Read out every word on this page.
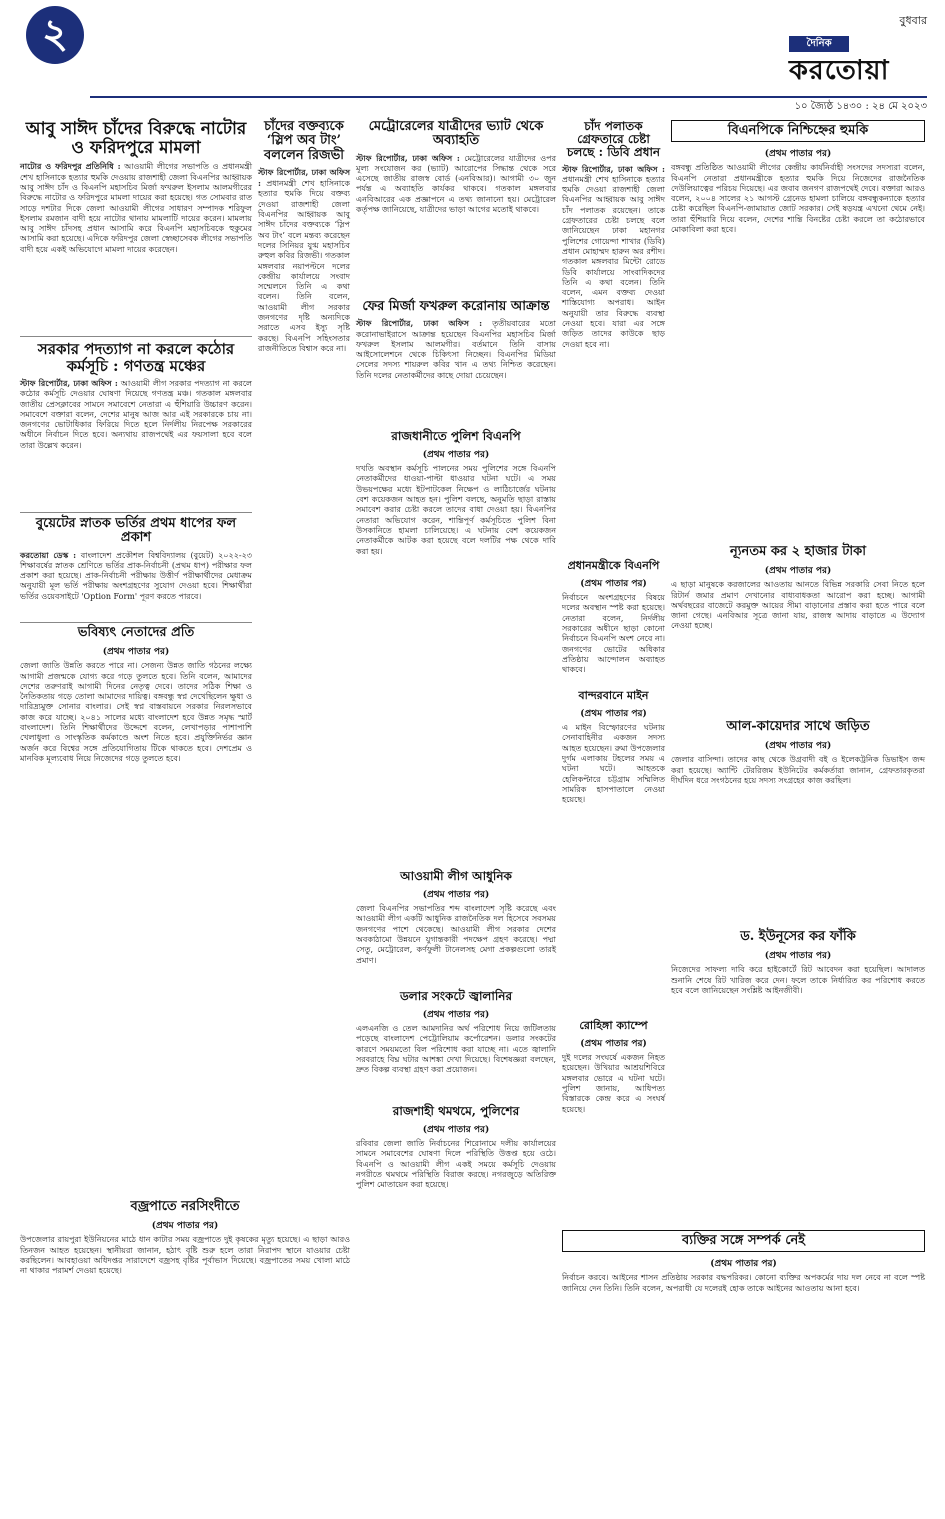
২	বুধবার
দৈনিক
করতোয়া
১০ জ্যৈষ্ঠ ১৪৩০ : ২৪ মে ২০২৩
আবু সাঈদ চাঁদের বিরুদ্ধে নাটোর ও ফরিদপুরে মামলা

নাটোর ও ফরিদপুর প্রতিনিধি : আওয়ামী লীগের সভাপতি ও প্রধানমন্ত্রী শেখ হাসিনাকে হত্যার হুমকি দেওয়ায় রাজশাহী জেলা বিএনপির আহ্বায়ক আবু সাঈদ চাঁদ ও বিএনপি মহাসচিব মির্জা ফখরুল ইসলাম আলমগীরের বিরুদ্ধে নাটোর ও ফরিদপুরে মামলা দায়ের করা হয়েছে। গত সোমবার রাত সাড়ে দশটার দিকে জেলা আওয়ামী লীগের সাধারণ সম্পাদক শরিফুল ইসলাম রমজান বাদী হয়ে নাটোর থানায় মামলাটি দায়ের করেন। মামলায় আবু সাঈদ চাঁদসহ প্রধান আসামি করে বিএনপি মহাসচিবকে হুকুমের আসামি করা হয়েছে। এদিকে ফরিদপুর জেলা স্বেচ্ছাসেবক লীগের সভাপতি বাদী হয়ে একই অভিযোগে মামলা দায়ের করেছেন।

সরকার পদত্যাগ না করলে কঠোর কর্মসূচি : গণতন্ত্র মঞ্চের

স্টাফ রিপোর্টার, ঢাকা অফিস : আওয়ামী লীগ সরকার পদত্যাগ না করলে কঠোর কর্মসূচি দেওয়ার ঘোষণা দিয়েছে গণতন্ত্র মঞ্চ। গতকাল মঙ্গলবার জাতীয় প্রেসক্লাবের সামনে সমাবেশে নেতারা এ হুঁশিয়ারি উচ্চারণ করেন। সমাবেশে বক্তারা বলেন, দেশের মানুষ আজ আর এই সরকারকে চায় না। জনগণের ভোটাধিকার ফিরিয়ে দিতে হলে নির্দলীয় নিরপেক্ষ সরকারের অধীনে নির্বাচন দিতে হবে। অন্যথায় রাজপথেই এর ফয়সালা হবে বলে তারা উল্লেখ করেন।

বুয়েটের স্নাতক ভর্তির প্রথম ধাপের ফল প্রকাশ

করতোয়া ডেস্ক : বাংলাদেশ প্রকৌশল বিশ্ববিদ্যালয় (বুয়েট) ২০২২-২৩ শিক্ষাবর্ষের স্নাতক শ্রেণিতে ভর্তির প্রাক-নির্বাচনী (প্রথম ধাপ) পরীক্ষার ফল প্রকাশ করা হয়েছে। প্রাক-নির্বাচনী পরীক্ষায় উত্তীর্ণ পরীক্ষার্থীদের মেধাক্রম অনুযায়ী মূল ভর্তি পরীক্ষায় অংশগ্রহণের সুযোগ দেওয়া হবে। শিক্ষার্থীরা ভর্তির ওয়েবসাইটে 'Option Form' পূরণ করতে পারবে।

ভবিষ্যৎ নেতাদের প্রতি
(প্রথম পাতার পর)

জেলা জাতি উন্নতি করতে পারে না। সেজন্য উন্নত জাতি গঠনের লক্ষ্যে আগামী প্রজন্মকে যোগ্য করে গড়ে তুলতে হবে। তিনি বলেন, আমাদের দেশের তরুণরাই আগামী দিনের নেতৃত্ব দেবে। তাদের সঠিক শিক্ষা ও নৈতিকতায় গড়ে তোলা আমাদের দায়িত্ব। বঙ্গবন্ধু স্বপ্ন দেখেছিলেন ক্ষুধা ও দারিদ্র্যমুক্ত সোনার বাংলার। সেই স্বপ্ন বাস্তবায়নে সরকার নিরলসভাবে কাজ করে যাচ্ছে। ২০৪১ সালের মধ্যে বাংলাদেশ হবে উন্নত সমৃদ্ধ স্মার্ট বাংলাদেশ। তিনি শিক্ষার্থীদের উদ্দেশে বলেন, লেখাপড়ার পাশাপাশি খেলাধুলা ও সাংস্কৃতিক কর্মকাণ্ডে অংশ নিতে হবে। প্রযুক্তিনির্ভর জ্ঞান অর্জন করে বিশ্বের সঙ্গে প্রতিযোগিতায় টিকে থাকতে হবে। দেশপ্রেম ও মানবিক মূল্যবোধ নিয়ে নিজেদের গড়ে তুলতে হবে।

চাঁদের বক্তব্যকে ‘স্লিপ অব টাং’ বললেন রিজভী

স্টাফ রিপোর্টার, ঢাকা অফিস : প্রধানমন্ত্রী শেখ হাসিনাকে হত্যার হুমকি দিয়ে বক্তব্য দেওয়া রাজশাহী জেলা বিএনপির আহ্বায়ক আবু সাঈদ চাঁদের বক্তব্যকে ‘স্লিপ অব টাং’ বলে মন্তব্য করেছেন দলের সিনিয়র যুগ্ম মহাসচিব রুহুল কবির রিজভী। গতকাল মঙ্গলবার নয়াপল্টনে দলের কেন্দ্রীয় কার্যালয়ে সংবাদ সম্মেলনে তিনি এ কথা বলেন। তিনি বলেন, আওয়ামী লীগ সরকার জনগণের দৃষ্টি অন্যদিকে সরাতে এসব ইস্যু সৃষ্টি করছে। বিএনপি সহিংসতার রাজনীতিতে বিশ্বাস করে না।

মেট্রোরেলের যাত্রীদের ভ্যাট থেকে অব্যাহতি

স্টাফ রিপোর্টার, ঢাকা অফিস : মেট্রোরেলের যাত্রীদের ওপর মূল্য সংযোজন কর (ভ্যাট) আরোপের সিদ্ধান্ত থেকে সরে এসেছে জাতীয় রাজস্ব বোর্ড (এনবিআর)। আগামী ৩০ জুন পর্যন্ত এ অব্যাহতি কার্যকর থাকবে। গতকাল মঙ্গলবার এনবিআরের এক প্রজ্ঞাপনে এ তথ্য জানানো হয়। মেট্রোরেল কর্তৃপক্ষ জানিয়েছে, যাত্রীদের ভাড়া আগের মতোই থাকবে।

ফের মির্জা ফখরুল করোনায় আক্রান্ত

স্টাফ রিপোর্টার, ঢাকা অফিস : তৃতীয়বারের মতো করোনাভাইরাসে আক্রান্ত হয়েছেন বিএনপির মহাসচিব মির্জা ফখরুল ইসলাম আলমগীর। বর্তমানে তিনি বাসায় আইসোলেশনে থেকে চিকিৎসা নিচ্ছেন। বিএনপির মিডিয়া সেলের সদস্য শায়রুল কবির খান এ তথ্য নিশ্চিত করেছেন। তিনি দলের নেতাকর্মীদের কাছে দোয়া চেয়েছেন।

রাজধানীতে পুলিশ বিএনপি
(প্রথম পাতার পর)

দখতি অবস্থান কর্মসূচি পালনের সময় পুলিশের সঙ্গে বিএনপি নেতাকর্মীদের ধাওয়া-পাল্টা ধাওয়ার ঘটনা ঘটে। এ সময় উভয়পক্ষের মধ্যে ইটপাটকেল নিক্ষেপ ও লাঠিচার্জের ঘটনায় বেশ কয়েকজন আহত হন। পুলিশ বলছে, অনুমতি ছাড়া রাস্তায় সমাবেশ করার চেষ্টা করলে তাদের বাধা দেওয়া হয়। বিএনপির নেতারা অভিযোগ করেন, শান্তিপূর্ণ কর্মসূচিতে পুলিশ বিনা উসকানিতে হামলা চালিয়েছে। এ ঘটনায় বেশ কয়েকজন নেতাকর্মীকে আটক করা হয়েছে বলে দলটির পক্ষ থেকে দাবি করা হয়।

আওয়ামী লীগ আধুনিক
(প্রথম পাতার পর)

জেলা বিএনপির সভাপতির শব্দ বাংলাদেশ সৃষ্টি করেছে এবং আওয়ামী লীগ একটি আধুনিক রাজনৈতিক দল হিসেবে সবসময় জনগণের পাশে থেকেছে। আওয়ামী লীগ সরকার দেশের অবকাঠামো উন্নয়নে যুগান্তকারী পদক্ষেপ গ্রহণ করেছে। পদ্মা সেতু, মেট্রোরেল, কর্ণফুলী টানেলসহ মেগা প্রকল্পগুলো তারই প্রমাণ।

ডলার সংকটে জ্বালানির
(প্রথম পাতার পর)

এলএনজি ও তেল আমদানির অর্থ পরিশোধ নিয়ে জটিলতায় পড়েছে বাংলাদেশ পেট্রোলিয়াম কর্পোরেশন। ডলার সংকটের কারণে সময়মতো বিল পরিশোধ করা যাচ্ছে না। এতে জ্বালানি সরবরাহে বিঘ্ন ঘটার আশঙ্কা দেখা দিয়েছে। বিশেষজ্ঞরা বলছেন, দ্রুত বিকল্প ব্যবস্থা গ্রহণ করা প্রয়োজন।

রাজশাহী থমথমে, পুলিশের
(প্রথম পাতার পর)

রবিবার জেলা জাতি নির্বাচনের শিরোনামে দলীয় কার্যালয়ের সামনে সমাবেশের ঘোষণা দিলে পরিস্থিতি উত্তপ্ত হয়ে ওঠে। বিএনপি ও আওয়ামী লীগ একই সময়ে কর্মসূচি দেওয়ায় নগরীতে থমথমে পরিস্থিতি বিরাজ করছে। নগরজুড়ে অতিরিক্ত পুলিশ মোতায়েন করা হয়েছে।

চাঁদ পলাতক গ্রেফতারে চেষ্টা চলছে : ডিবি প্রধান

স্টাফ রিপোর্টার, ঢাকা অফিস : প্রধানমন্ত্রী শেখ হাসিনাকে হত্যার হুমকি দেওয়া রাজশাহী জেলা বিএনপির আহ্বায়ক আবু সাঈদ চাঁদ পলাতক রয়েছেন। তাকে গ্রেফতারের চেষ্টা চলছে বলে জানিয়েছেন ঢাকা মহানগর পুলিশের গোয়েন্দা শাখার (ডিবি) প্রধান মোহাম্মদ হারুন অর রশীদ। গতকাল মঙ্গলবার মিন্টো রোডে ডিবি কার্যালয়ে সাংবাদিকদের তিনি এ কথা বলেন। তিনি বলেন, এমন বক্তব্য দেওয়া শাস্তিযোগ্য অপরাধ। আইন অনুযায়ী তার বিরুদ্ধে ব্যবস্থা নেওয়া হবে। যারা এর সঙ্গে জড়িত তাদের কাউকে ছাড় দেওয়া হবে না।

প্রধানমন্ত্রীকে বিএনপি
(প্রথম পাতার পর)

নির্বাচনে অংশগ্রহণের বিষয়ে দলের অবস্থান স্পষ্ট করা হয়েছে। নেতারা বলেন, নির্দলীয় সরকারের অধীনে ছাড়া কোনো নির্বাচনে বিএনপি অংশ নেবে না। জনগণের ভোটের অধিকার প্রতিষ্ঠায় আন্দোলন অব্যাহত থাকবে।

বান্দরবানে মাইন
(প্রথম পাতার পর)

এ মাইন বিস্ফোরণের ঘটনায় সেনাবাহিনীর একজন সদস্য আহত হয়েছেন। রুমা উপজেলার দুর্গম এলাকায় টহলের সময় এ ঘটনা ঘটে। আহতকে হেলিকপ্টারে চট্টগ্রাম সম্মিলিত সামরিক হাসপাতালে নেওয়া হয়েছে।

রোহিঙ্গা ক্যাম্পে
(প্রথম পাতার পর)

দুই দলের সংঘর্ষে একজন নিহত হয়েছেন। উখিয়ার আশ্রয়শিবিরে মঙ্গলবার ভোরে এ ঘটনা ঘটে। পুলিশ জানায়, আধিপত্য বিস্তারকে কেন্দ্র করে এ সংঘর্ষ হয়েছে।

বিএনপিকে নিশ্চিহ্নের হুমকি
(প্রথম পাতার পর)

বঙ্গবন্ধু প্রতিষ্ঠিত আওয়ামী লীগের কেন্দ্রীয় কার্যনির্বাহী সংসদের সদস্যরা বলেন, বিএনপি নেতারা প্রধানমন্ত্রীকে হত্যার হুমকি দিয়ে নিজেদের রাজনৈতিক দেউলিয়াত্বের পরিচয় দিয়েছে। এর জবাব জনগণ রাজপথেই দেবে। বক্তারা আরও বলেন, ২০০৪ সালের ২১ আগস্ট গ্রেনেড হামলা চালিয়ে বঙ্গবন্ধুকন্যাকে হত্যার চেষ্টা করেছিল বিএনপি-জামায়াত জোট সরকার। সেই ষড়যন্ত্র এখনো থেমে নেই। তারা হুঁশিয়ারি দিয়ে বলেন, দেশের শান্তি বিনষ্টের চেষ্টা করলে তা কঠোরভাবে মোকাবিলা করা হবে।

ন্যূনতম কর ২ হাজার টাকা
(প্রথম পাতার পর)

এ ছাড়া মানুষকে করজালের আওতায় আনতে বিভিন্ন সরকারি সেবা নিতে হলে রিটার্ন জমার প্রমাণ দেখানোর বাধ্যবাধকতা আরোপ করা হচ্ছে। আগামী অর্থবছরের বাজেটে করমুক্ত আয়ের সীমা বাড়ানোর প্রস্তাব করা হতে পারে বলে জানা গেছে। এনবিআর সূত্রে জানা যায়, রাজস্ব আদায় বাড়াতে এ উদ্যোগ নেওয়া হচ্ছে।

আল-কায়েদার সাথে জড়িত
(প্রথম পাতার পর)

জেলার বাসিন্দা। তাদের কাছ থেকে উগ্রবাদী বই ও ইলেকট্রনিক ডিভাইস জব্দ করা হয়েছে। অ্যান্টি টেররিজম ইউনিটের কর্মকর্তারা জানান, গ্রেফতারকৃতরা দীর্ঘদিন ধরে সংগঠনের হয়ে সদস্য সংগ্রহের কাজ করছিল।

ড. ইউনূসের কর ফাঁকি
(প্রথম পাতার পর)

নিজেদের সাফল্য দাবি করে হাইকোর্টে রিট আবেদন করা হয়েছিল। আদালত শুনানি শেষে রিট খারিজ করে দেন। ফলে তাকে নির্ধারিত কর পরিশোধ করতে হবে বলে জানিয়েছেন সংশ্লিষ্ট আইনজীবী।

বজ্রপাতে নরসিংদীতে
(প্রথম পাতার পর)

উপজেলার রায়পুরা ইউনিয়নের মাঠে ধান কাটার সময় বজ্রপাতে দুই কৃষকের মৃত্যু হয়েছে। এ ছাড়া আরও তিনজন আহত হয়েছেন। স্থানীয়রা জানান, হঠাৎ বৃষ্টি শুরু হলে তারা নিরাপদ স্থানে যাওয়ার চেষ্টা করছিলেন। আবহাওয়া অধিদপ্তর সারাদেশে বজ্রসহ বৃষ্টির পূর্বাভাস দিয়েছে। বজ্রপাতের সময় খোলা মাঠে না থাকার পরামর্শ দেওয়া হয়েছে।

ব্যক্তির সঙ্গে সম্পর্ক নেই
(প্রথম পাতার পর)

নির্বাচন করবে। আইনের শাসন প্রতিষ্ঠায় সরকার বদ্ধপরিকর। কোনো ব্যক্তির অপকর্মের দায় দল নেবে না বলে স্পষ্ট জানিয়ে দেন তিনি। তিনি বলেন, অপরাধী যে দলেরই হোক তাকে আইনের আওতায় আনা হবে।
